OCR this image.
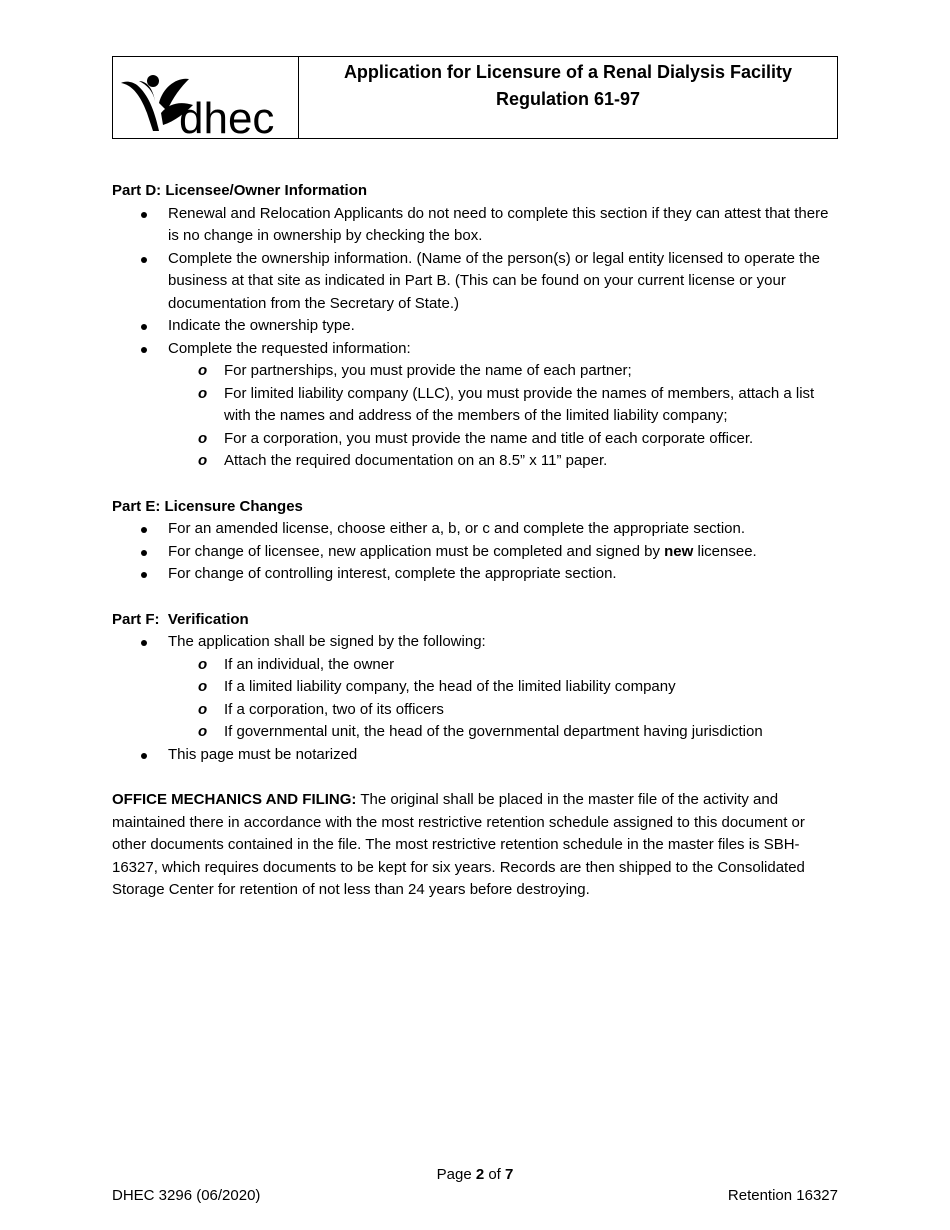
dhec
Application for Licensure of a Renal Dialysis Facility
Regulation 61-97

Part D: Licensee/Owner Information

Renewal and Relocation Applicants do not need to complete this section if they can attest that there is no change in ownership by checking the box.
Complete the ownership information. (Name of the person(s) or legal entity licensed to operate the business at that site as indicated in Part B. (This can be found on your current license or your documentation from the Secretary of State.)
Indicate the ownership type.
Complete the requested information:
o For partnerships, you must provide the name of each partner;
o For limited liability company (LLC), you must provide the names of members, attach a list with the names and address of the members of the limited liability company;
o For a corporation, you must provide the name and title of each corporate officer.
o Attach the required documentation on an 8.5” x 11” paper.

Part E: Licensure Changes

For an amended license, choose either a, b, or c and complete the appropriate section.
For change of licensee, new application must be completed and signed by new licensee.
For change of controlling interest, complete the appropriate section.

Part F:  Verification

The application shall be signed by the following:
o If an individual, the owner
o If a limited liability company, the head of the limited liability company
o If a corporation, two of its officers
o If governmental unit, the head of the governmental department having jurisdiction
This page must be notarized

OFFICE MECHANICS AND FILING: The original shall be placed in the master file of the activity and maintained there in accordance with the most restrictive retention schedule assigned to this document or other documents contained in the file. The most restrictive retention schedule in the master files is SBH-16327, which requires documents to be kept for six years. Records are then shipped to the Consolidated Storage Center for retention of not less than 24 years before destroying.

Page 2 of 7
DHEC 3296 (06/2020)	Retention 16327
